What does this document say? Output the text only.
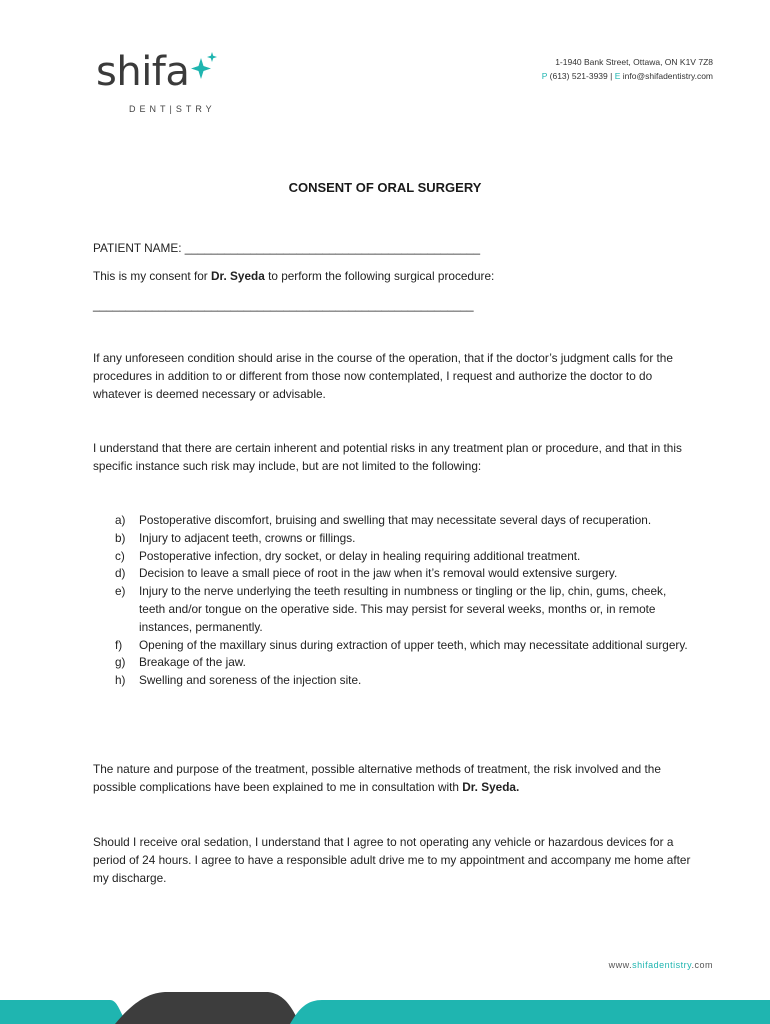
shifa
DENT|STRY
1-1940 Bank Street, Ottawa, ON K1V 7Z8
P (613) 521-3939 | E info@shifadentistry.com
CONSENT OF ORAL SURGERY
PATIENT NAME: _____________________________________________
This is my consent for Dr. Syeda to perform the following surgical procedure:
__________________________________________________________
If any unforeseen condition should arise in the course of the operation, that if the doctor’s judgment calls for the procedures in addition to or different from those now contemplated, I request and authorize the doctor to do whatever is deemed necessary or advisable.
I understand that there are certain inherent and potential risks in any treatment plan or procedure, and that in this specific instance such risk may include, but are not limited to the following:
a) Postoperative discomfort, bruising and swelling that may necessitate several days of recuperation.
b) Injury to adjacent teeth, crowns or fillings.
c) Postoperative infection, dry socket, or delay in healing requiring additional treatment.
d) Decision to leave a small piece of root in the jaw when it’s removal would extensive surgery.
e) Injury to the nerve underlying the teeth resulting in numbness or tingling or the lip, chin, gums, cheek, teeth and/or tongue on the operative side. This may persist for several weeks, months or, in remote instances, permanently.
f) Opening of the maxillary sinus during extraction of upper teeth, which may necessitate additional surgery.
g) Breakage of the jaw.
h) Swelling and soreness of the injection site.
The nature and purpose of the treatment, possible alternative methods of treatment, the risk involved and the possible complications have been explained to me in consultation with Dr. Syeda.
Should I receive oral sedation, I understand that I agree to not operating any vehicle or hazardous devices for a period of 24 hours. I agree to have a responsible adult drive me to my appointment and accompany me home after my discharge.
www.shifadentistry.com
